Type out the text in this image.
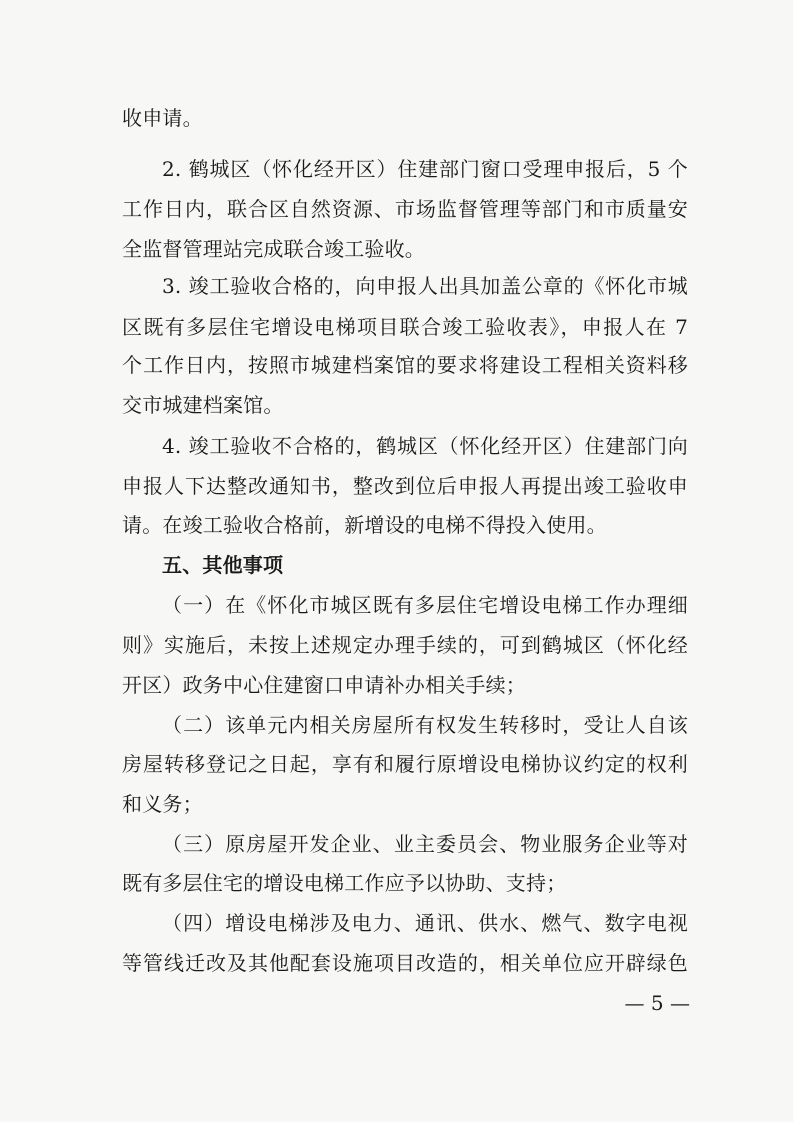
收申请。
2. 鹤城区（怀化经开区）住建部门窗口受理申报后，5 个
工作日内，联合区自然资源、市场监督管理等部门和市质量安
全监督管理站完成联合竣工验收。
3. 竣工验收合格的，向申报人出具加盖公章的《怀化市城
区既有多层住宅增设电梯项目联合竣工验收表》，申报人在 7
个工作日内，按照市城建档案馆的要求将建设工程相关资料移
交市城建档案馆。
4. 竣工验收不合格的，鹤城区（怀化经开区）住建部门向
申报人下达整改通知书，整改到位后申报人再提出竣工验收申
请。在竣工验收合格前，新增设的电梯不得投入使用。
五、其他事项
（一）在《怀化市城区既有多层住宅增设电梯工作办理细
则》实施后，未按上述规定办理手续的，可到鹤城区（怀化经
开区）政务中心住建窗口申请补办相关手续；
（二）该单元内相关房屋所有权发生转移时，受让人自该
房屋转移登记之日起，享有和履行原增设电梯协议约定的权利
和义务；
（三）原房屋开发企业、业主委员会、物业服务企业等对
既有多层住宅的增设电梯工作应予以协助、支持；
（四）增设电梯涉及电力、通讯、供水、燃气、数字电视
等管线迁改及其他配套设施项目改造的，相关单位应开辟绿色
— 5 —
